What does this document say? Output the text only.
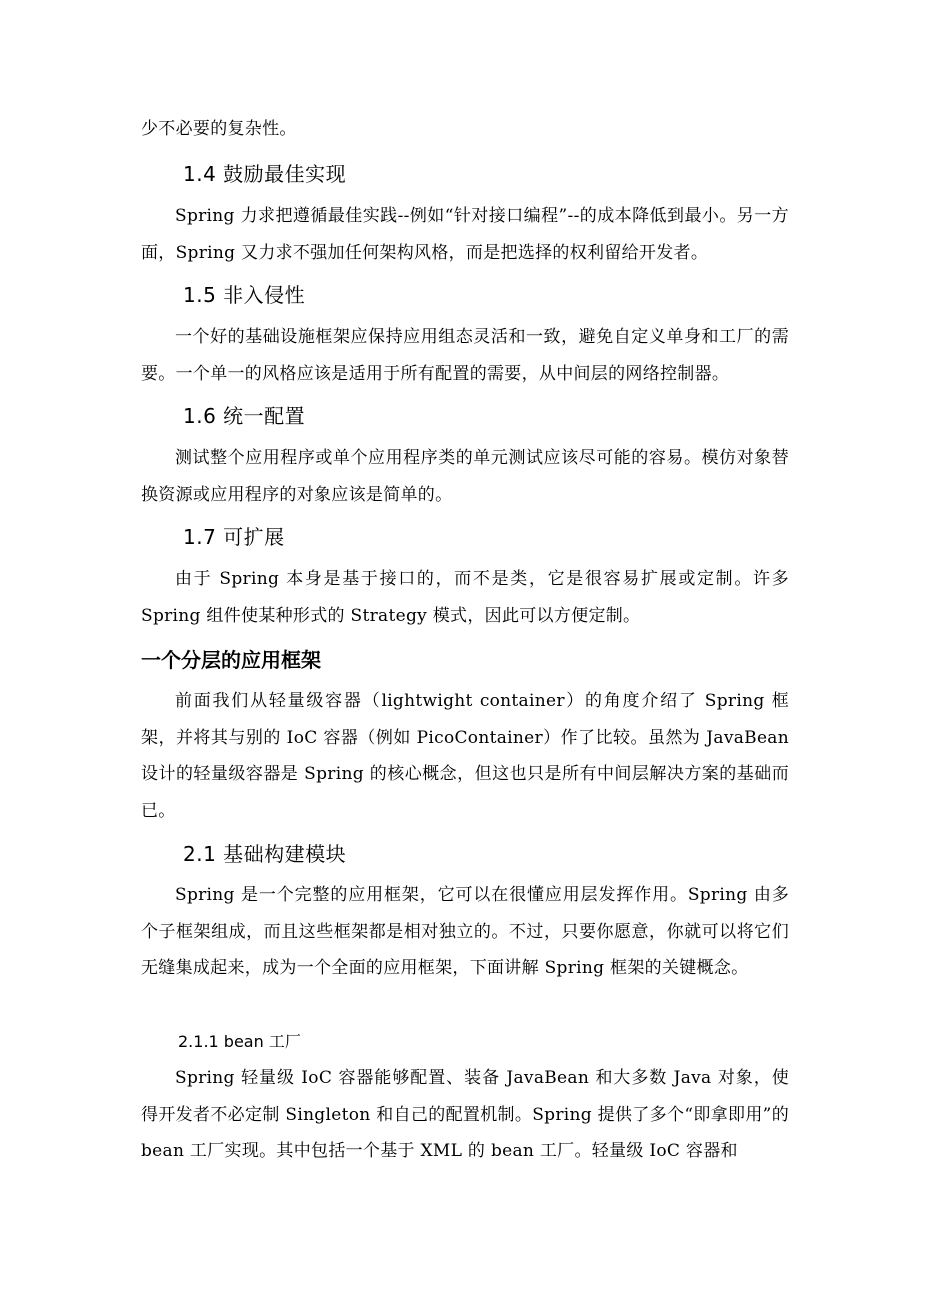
少不必要的复杂性。

1.4 鼓励最佳实现

Spring 力求把遵循最佳实践--例如“针对接口编程”--的成本降低到最小。另一方面，Spring 又力求不强加任何架构风格，而是把选择的权利留给开发者。

1.5 非入侵性

一个好的基础设施框架应保持应用组态灵活和一致，避免自定义单身和工厂的需要。一个单一的风格应该是适用于所有配置的需要，从中间层的网络控制器。

1.6 统一配置

测试整个应用程序或单个应用程序类的单元测试应该尽可能的容易。模仿对象替换资源或应用程序的对象应该是简单的。

1.7 可扩展

由于 Spring 本身是基于接口的，而不是类，它是很容易扩展或定制。许多Spring 组件使某种形式的 Strategy 模式，因此可以方便定制。

一个分层的应用框架

前面我们从轻量级容器（lightwight container）的角度介绍了 Spring 框架，并将其与别的 IoC 容器（例如 PicoContainer）作了比较。虽然为 JavaBean 设计的轻量级容器是 Spring 的核心概念，但这也只是所有中间层解决方案的基础而已。

2.1 基础构建模块

Spring 是一个完整的应用框架，它可以在很懂应用层发挥作用。Spring 由多个子框架组成，而且这些框架都是相对独立的。不过，只要你愿意，你就可以将它们无缝集成起来，成为一个全面的应用框架，下面讲解 Spring 框架的关键概念。

2.1.1 bean 工厂

Spring 轻量级 IoC 容器能够配置、装备 JavaBean 和大多数 Java 对象，使得开发者不必定制 Singleton 和自己的配置机制。Spring 提供了多个“即拿即用”的 bean 工厂实现。其中包括一个基于 XML 的 bean 工厂。轻量级 IoC 容器和
